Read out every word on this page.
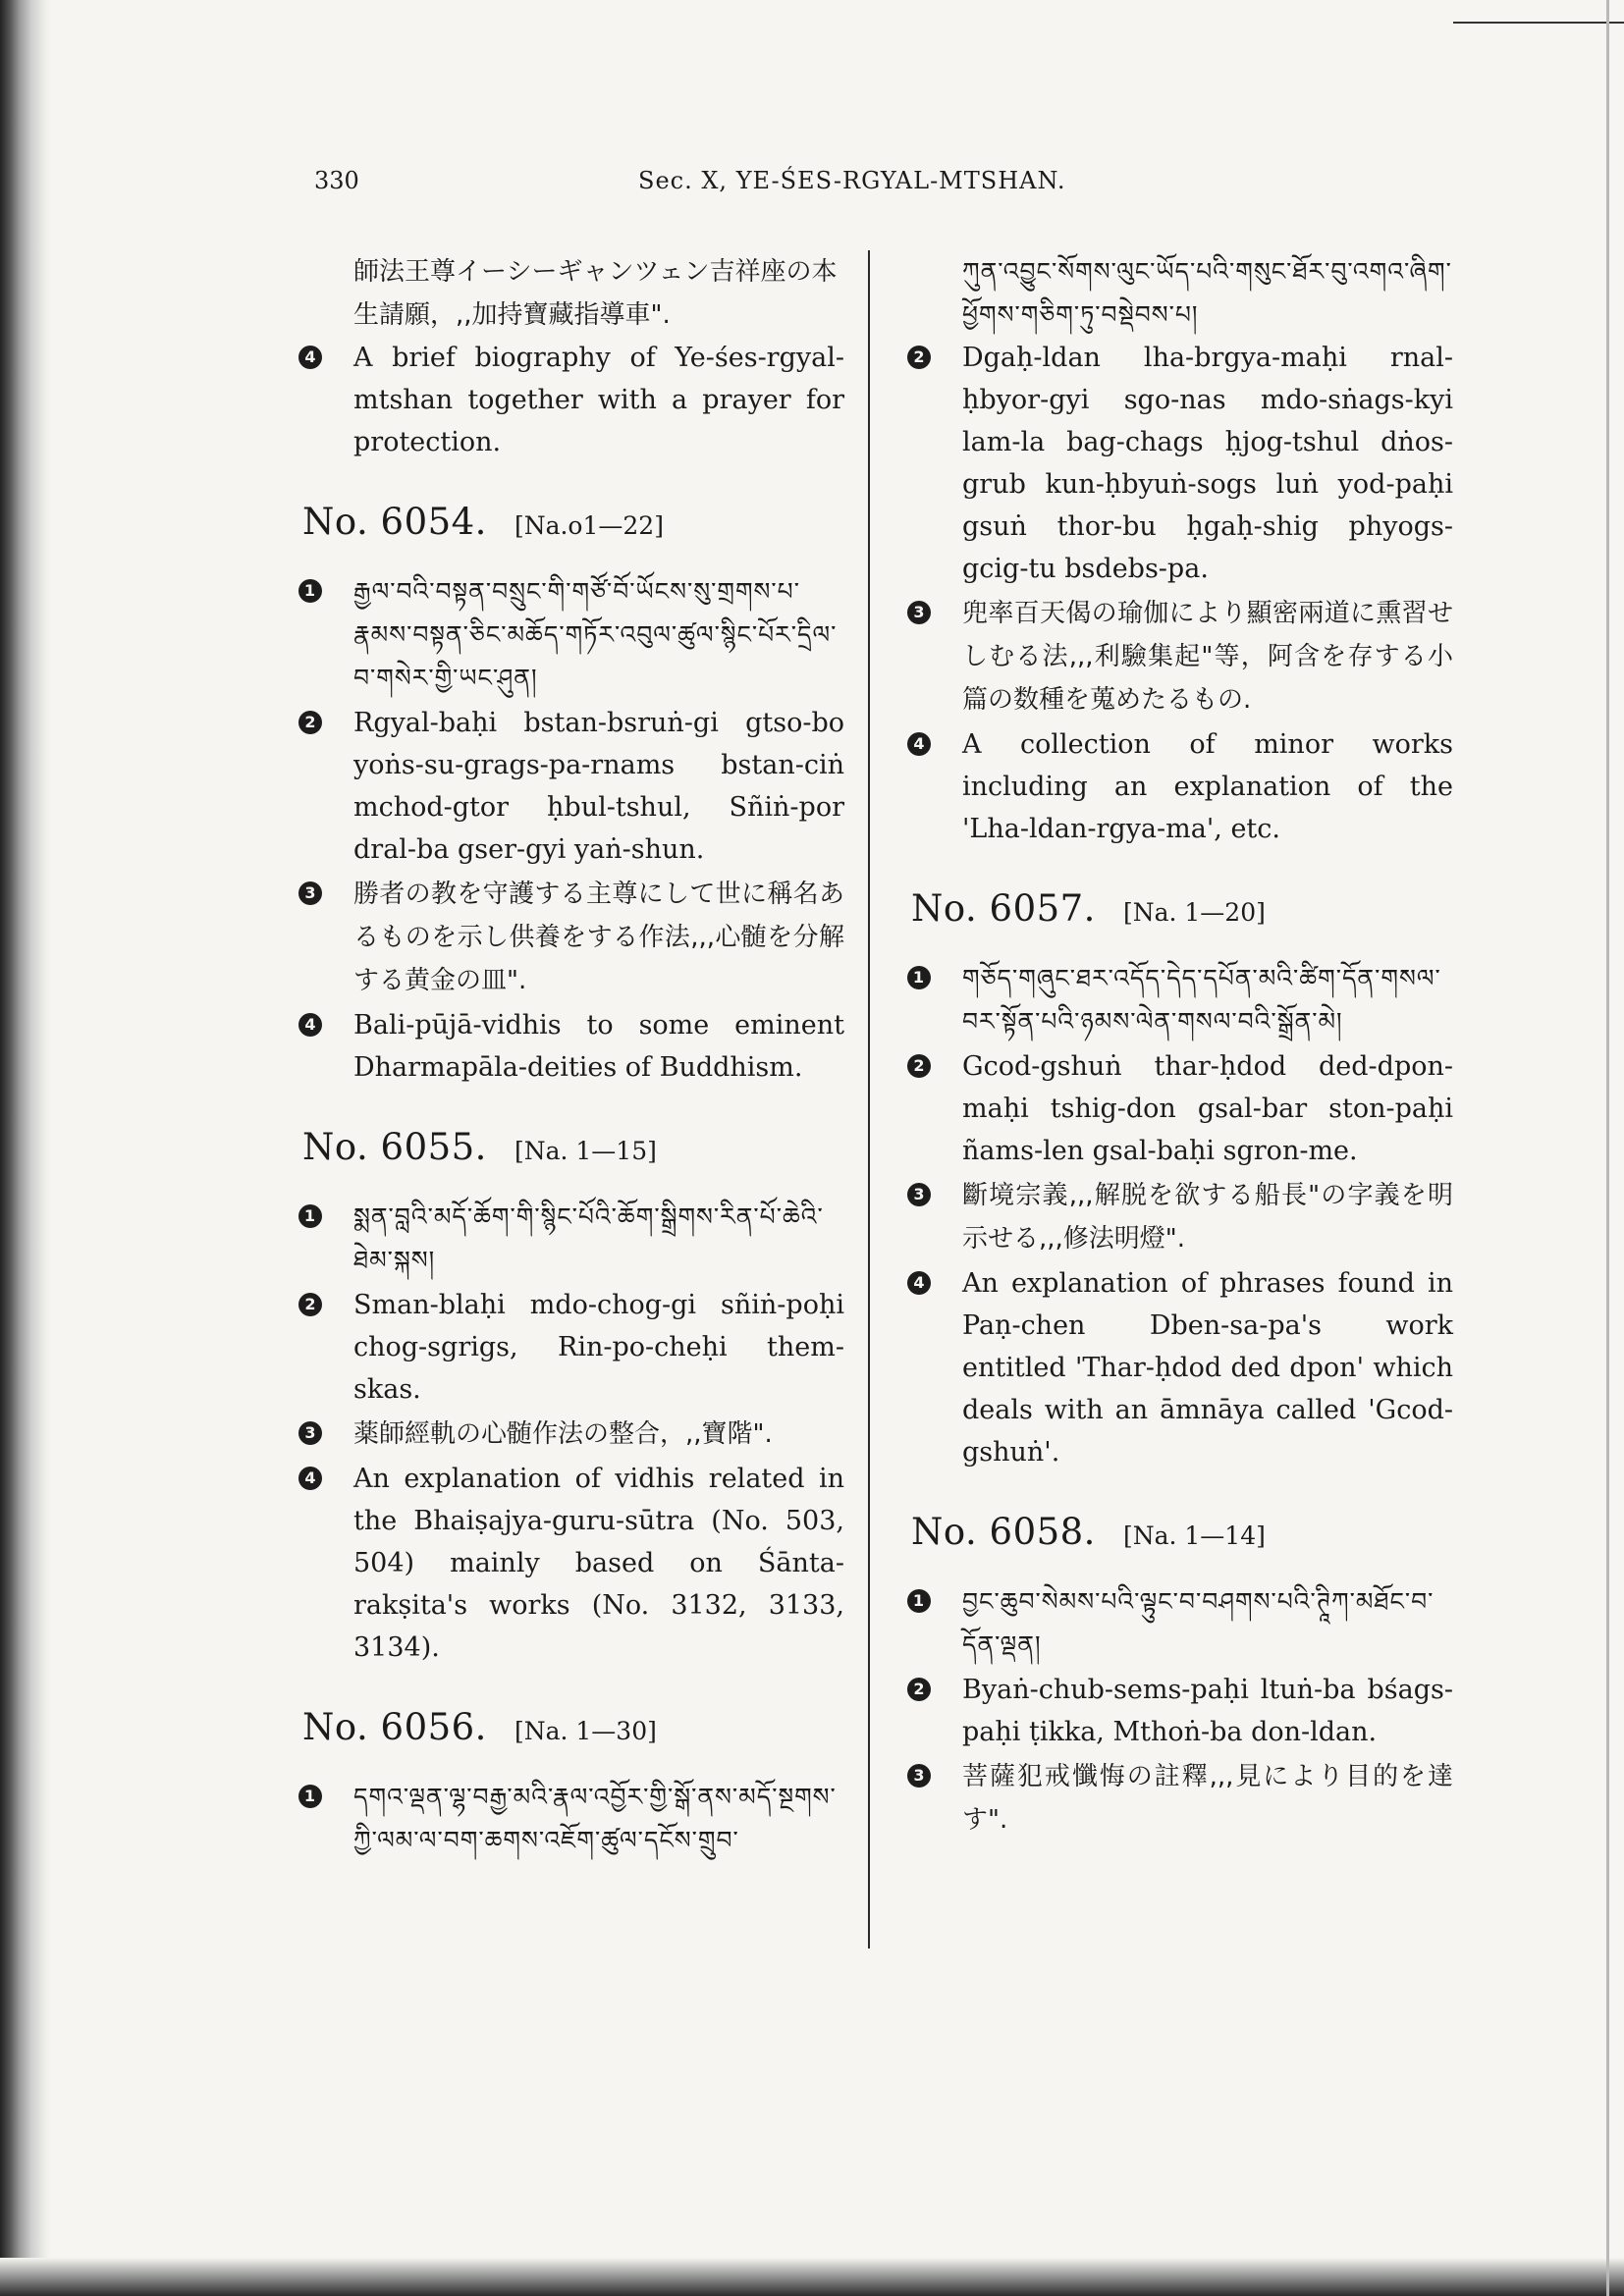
330	Sec. X, YE-ŚES-RGYAL-MTSHAN.
師法王尊イーシーギャンツェン吉祥座の本生請願，,,加持寶藏指導車".
4 A brief biography of Ye-śes-rgyal-mtshan together with a prayer for protection.
No. 6054. [Na.o1—22]
1 རྒྱལ་བའི་བསྟན་བསྲུང་གི་གཙོ་བོ་ཡོངས་སུ་གྲགས་པ་རྣམས་བསྟན་ཅིང་མཆོད་གཏོར་འབུལ་ཚུལ་སྙིང་པོར་དྲིལ་བ་གསེར་གྱི་ཡང་ཤུན།
2 Rgyal-baḥi bstan-bsruṅ-gi gtso-bo yoṅs-su-grags-pa-rnams bstan-ciṅ mchod-gtor ḥbul-tshul, Sñiṅ-por dral-ba gser-gyi yaṅ-shun.
3 勝者の教を守護する主尊にして世に稱名あるものを示し供養をする作法,,,心髄を分解する黄金の皿".
4 Bali-pūjā-vidhis to some eminent Dharmapāla-deities of Buddhism.
No. 6055. [Na. 1—15]
1 སྨན་བླའི་མདོ་ཆོག་གི་སྙིང་པོའི་ཆོག་སྒྲིགས་རིན་པོ་ཆེའི་ཐེམ་སྐས།
2 Sman-blaḥi mdo-chog-gi sñiṅ-poḥi chog-sgrigs, Rin-po-cheḥi them-skas.
3 薬師經軌の心髄作法の整合，,,寶階".
4 An explanation of vidhis related in the Bhaiṣajya-guru-sūtra (No. 503, 504) mainly based on Śānta-rakṣita's works (No. 3132, 3133, 3134).
No. 6056. [Na. 1—30]
1 དགའ་ལྡན་ལྷ་བརྒྱ་མའི་རྣལ་འབྱོར་གྱི་སྒོ་ནས་མདོ་སྔགས་ཀྱི་ལམ་ལ་བག་ཆགས་འཇོག་ཚུལ་དངོས་གྲུབ་
ཀུན་འབྱུང་སོགས་ལུང་ཡོད་པའི་གསུང་ཐོར་བུ་འགའ་ཞིག་ཕྱོགས་གཅིག་ཏུ་བསྡེབས་པ།
2 Dgaḥ-ldan lha-brgya-maḥi rnal-ḥbyor-gyi sgo-nas mdo-sṅags-kyi lam-la bag-chags ḥjog-tshul dṅos-grub kun-ḥbyuṅ-sogs luṅ yod-paḥi gsuṅ thor-bu ḥgaḥ-shig phyogs-gcig-tu bsdebs-pa.
3 兜率百天偈の瑜伽により顯密兩道に熏習せしむる法,,,利驗集起"等，阿含を存する小篇の数種を蒐めたるもの.
4 A collection of minor works including an explanation of the 'Lha-ldan-rgya-ma', etc.
No. 6057. [Na. 1—20]
1 གཅོད་གཞུང་ཐར་འདོད་དེད་དཔོན་མའི་ཚིག་དོན་གསལ་བར་སྟོན་པའི་ཉམས་ལེན་གསལ་བའི་སྒྲོན་མེ།
2 Gcod-gshuṅ thar-ḥdod ded-dpon-maḥi tshig-don gsal-bar ston-paḥi ñams-len gsal-baḥi sgron-me.
3 斷境宗義,,,解脱を欲する船長"の字義を明示せる,,,修法明燈".
4 An explanation of phrases found in Paṇ-chen Dben-sa-pa's work entitled 'Thar-ḥdod ded dpon' which deals with an āmnāya called 'Gcod-gshuṅ'.
No. 6058. [Na. 1—14]
1 བྱང་ཆུབ་སེམས་པའི་ལྟུང་བ་བཤགས་པའི་ཊཱིཀ་མཐོང་བ་དོན་ལྡན།
2 Byaṅ-chub-sems-paḥi ltuṅ-ba bśags-paḥi ṭikka, Mthoṅ-ba don-ldan.
3 菩薩犯戒懺悔の註釋,,,見により目的を達す".
